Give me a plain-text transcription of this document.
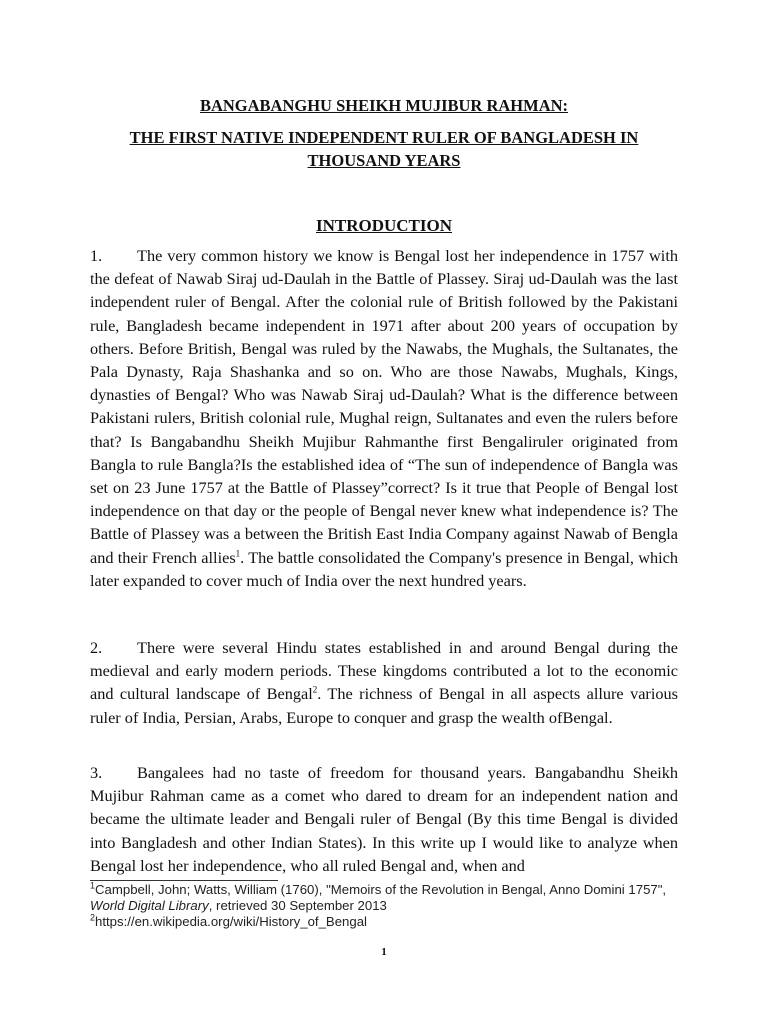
BANGABANGHU SHEIKH MUJIBUR RAHMAN:

THE FIRST NATIVE INDEPENDENT RULER OF BANGLADESH IN
THOUSAND YEARS

INTRODUCTION

1. The very common history we know is Bengal lost her independence in 1757 with the defeat of Nawab Siraj ud-Daulah in the Battle of Plassey. Siraj ud-Daulah was the last independent ruler of Bengal. After the colonial rule of British followed by the Pakistani rule, Bangladesh became independent in 1971 after about 200 years of occupation by others. Before British, Bengal was ruled by the Nawabs, the Mughals, the Sultanates, the Pala Dynasty, Raja Shashanka and so on. Who are those Nawabs, Mughals, Kings, dynasties of Bengal? Who was Nawab Siraj ud-Daulah? What is the difference between Pakistani rulers, British colonial rule, Mughal reign, Sultanates and even the rulers before that? Is Bangabandhu Sheikh Mujibur Rahmanthe first Bengaliruler originated from Bangla to rule Bangla?Is the established idea of “The sun of independence of Bangla was set on 23 June 1757 at the Battle of Plassey”correct? Is it true that People of Bengal lost independence on that day or the people of Bengal never knew what independence is? The Battle of Plassey was a between the British East India Company against Nawab of Bengla and their French allies$^1$. The battle consolidated the Company's presence in Bengal, which later expanded to cover much of India over the next hundred years.

2. There were several Hindu states established in and around Bengal during the medieval and early modern periods. These kingdoms contributed a lot to the economic and cultural landscape of Bengal$^2$. The richness of Bengal in all aspects allure various ruler of India, Persian, Arabs, Europe to conquer and grasp the wealth ofBengal.

3. Bangalees had no taste of freedom for thousand years. Bangabandhu Sheikh Mujibur Rahman came as a comet who dared to dream for an independent nation and became the ultimate leader and Bengali ruler of Bengal (By this time Bengal is divided into Bangladesh and other Indian States). In this write up I would like to analyze when Bengal lost her independence, who all ruled Bengal and, when and

$^1$Campbell, John; Watts, William (1760), "Memoirs of the Revolution in Bengal, Anno Domini 1757", World Digital Library, retrieved 30 September 2013

$^2$https://en.wikipedia.org/wiki/History_of_Bengal

1
